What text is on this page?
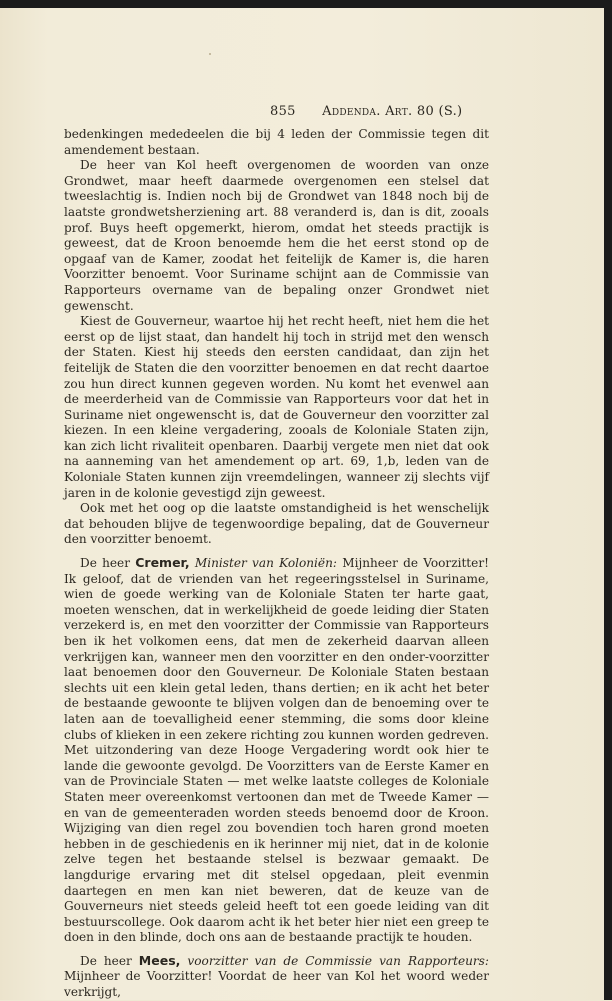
855 Addenda. Art. 80 (S.)

bedenkingen mededeelen die bij 4 leden der Commissie tegen dit amendement bestaan.

De heer van Kol heeft overgenomen de woorden van onze Grondwet, maar heeft daarmede overgenomen een stelsel dat tweeslachtig is. Indien noch bij de Grondwet van 1848 noch bij de laatste grondwetsherziening art. 88 veranderd is, dan is dit, zooals prof. Buys heeft opgemerkt, hierom, omdat het steeds practijk is geweest, dat de Kroon benoemde hem die het eerst stond op de opgaaf van de Kamer, zoodat het feitelijk de Kamer is, die haren Voorzitter benoemt. Voor Suriname schijnt aan de Commissie van Rapporteurs overname van de bepaling onzer Grondwet niet gewenscht.

Kiest de Gouverneur, waartoe hij het recht heeft, niet hem die het eerst op de lijst staat, dan handelt hij toch in strijd met den wensch der Staten. Kiest hij steeds den eersten candidaat, dan zijn het feitelijk de Staten die den voorzitter benoemen en dat recht daartoe zou hun direct kunnen gegeven worden. Nu komt het evenwel aan de meerderheid van de Commissie van Rapporteurs voor dat het in Suriname niet ongewenscht is, dat de Gouverneur den voorzitter zal kiezen. In een kleine vergadering, zooals de Koloniale Staten zijn, kan zich licht rivaliteit openbaren. Daarbij vergete men niet dat ook na aanneming van het amendement op art. 69, 1,b, leden van de Koloniale Staten kunnen zijn vreemdelingen, wanneer zij slechts vijf jaren in de kolonie gevestigd zijn geweest.

Ook met het oog op die laatste omstandigheid is het wenschelijk dat behouden blijve de tegenwoordige bepaling, dat de Gouverneur den voorzitter benoemt.

De heer Cremer, Minister van Koloniën: Mijnheer de Voorzitter! Ik geloof, dat de vrienden van het regeeringsstelsel in Suriname, wien de goede werking van de Koloniale Staten ter harte gaat, moeten wenschen, dat in werkelijkheid de goede leiding dier Staten verzekerd is, en met den voorzitter der Commissie van Rapporteurs ben ik het volkomen eens, dat men de zekerheid daarvan alleen verkrijgen kan, wanneer men den voorzitter en den onder-voorzitter laat benoemen door den Gouverneur. De Koloniale Staten bestaan slechts uit een klein getal leden, thans dertien; en ik acht het beter de bestaande gewoonte te blijven volgen dan de benoeming over te laten aan de toevalligheid eener stemming, die soms door kleine clubs of klieken in een zekere richting zou kunnen worden gedreven. Met uitzondering van deze Hooge Vergadering wordt ook hier te lande die gewoonte gevolgd. De Voorzitters van de Eerste Kamer en van de Provinciale Staten — met welke laatste colleges de Koloniale Staten meer overeenkomst vertoonen dan met de Tweede Kamer — en van de gemeenteraden worden steeds benoemd door de Kroon. Wijziging van dien regel zou bovendien toch haren grond moeten hebben in de geschiedenis en ik herinner mij niet, dat in de kolonie zelve tegen het bestaande stelsel is bezwaar gemaakt. De langdurige ervaring met dit stelsel opgedaan, pleit evenmin daartegen en men kan niet beweren, dat de keuze van de Gouverneurs niet steeds geleid heeft tot een goede leiding van dit bestuurscollege. Ook daarom acht ik het beter hier niet een greep te doen in den blinde, doch ons aan de bestaande practijk te houden.

De heer Mees, voorzitter van de Commissie van Rapporteurs: Mijnheer de Voorzitter! Voordat de heer van Kol het woord weder verkrijgt,
